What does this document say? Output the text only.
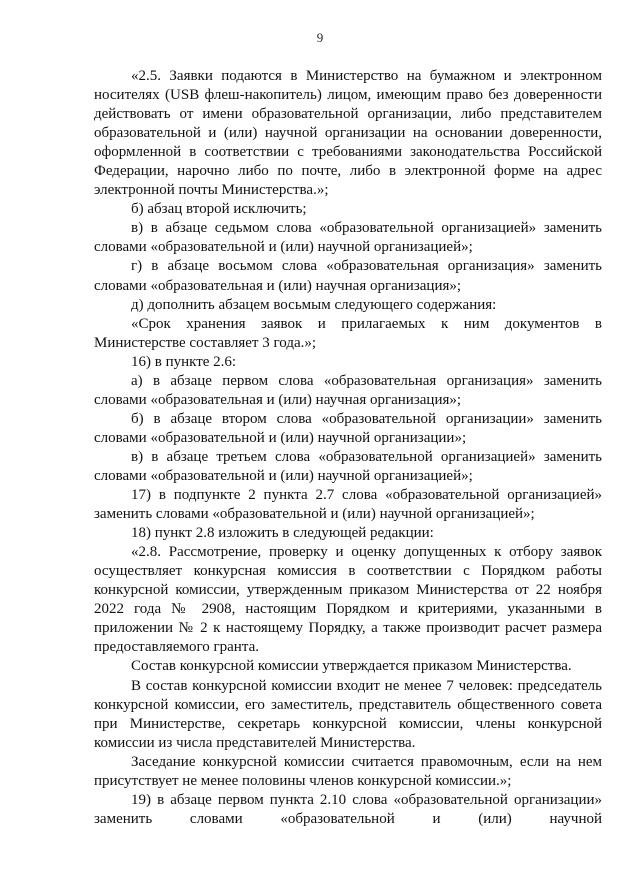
9

«2.5. Заявки подаются в Министерство на бумажном и электронном носителях (USB флеш-накопитель) лицом, имеющим право без доверенности действовать от имени образовательной организации, либо представителем образовательной и (или) научной организации на основании доверенности, оформленной в соответствии с требованиями законодательства Российской Федерации, нарочно либо по почте, либо в электронной форме на адрес электронной почты Министерства.»;

б) абзац второй исключить;

в) в абзаце седьмом слова «образовательной организацией» заменить словами «образовательной и (или) научной организацией»;

г) в абзаце восьмом слова «образовательная организация» заменить словами «образовательная и (или) научная организация»;

д) дополнить абзацем восьмым следующего содержания:

«Срок хранения заявок и прилагаемых к ним документов в Министерстве составляет 3 года.»;

16) в пункте 2.6:

а) в абзаце первом слова «образовательная организация» заменить словами «образовательная и (или) научная организация»;

б) в абзаце втором слова «образовательной организации» заменить словами «образовательной и (или) научной организации»;

в) в абзаце третьем слова «образовательной организацией» заменить словами «образовательной и (или) научной организацией»;

17) в подпункте 2 пункта 2.7 слова «образовательной организацией» заменить словами «образовательной и (или) научной организацией»;

18) пункт 2.8 изложить в следующей редакции:

«2.8. Рассмотрение, проверку и оценку допущенных к отбору заявок осуществляет конкурсная комиссия в соответствии с Порядком работы конкурсной комиссии, утвержденным приказом Министерства от 22 ноября 2022 года № 2908, настоящим Порядком и критериями, указанными в приложении № 2 к настоящему Порядку, а также производит расчет размера предоставляемого гранта.

Состав конкурсной комиссии утверждается приказом Министерства.

В состав конкурсной комиссии входит не менее 7 человек: председатель конкурсной комиссии, его заместитель, представитель общественного совета при Министерстве, секретарь конкурсной комиссии, члены конкурсной комиссии из числа представителей Министерства.

Заседание конкурсной комиссии считается правомочным, если на нем присутствует не менее половины членов конкурсной комиссии.»;

19) в абзаце первом пункта 2.10 слова «образовательной организации» заменить словами «образовательной и (или) научной
